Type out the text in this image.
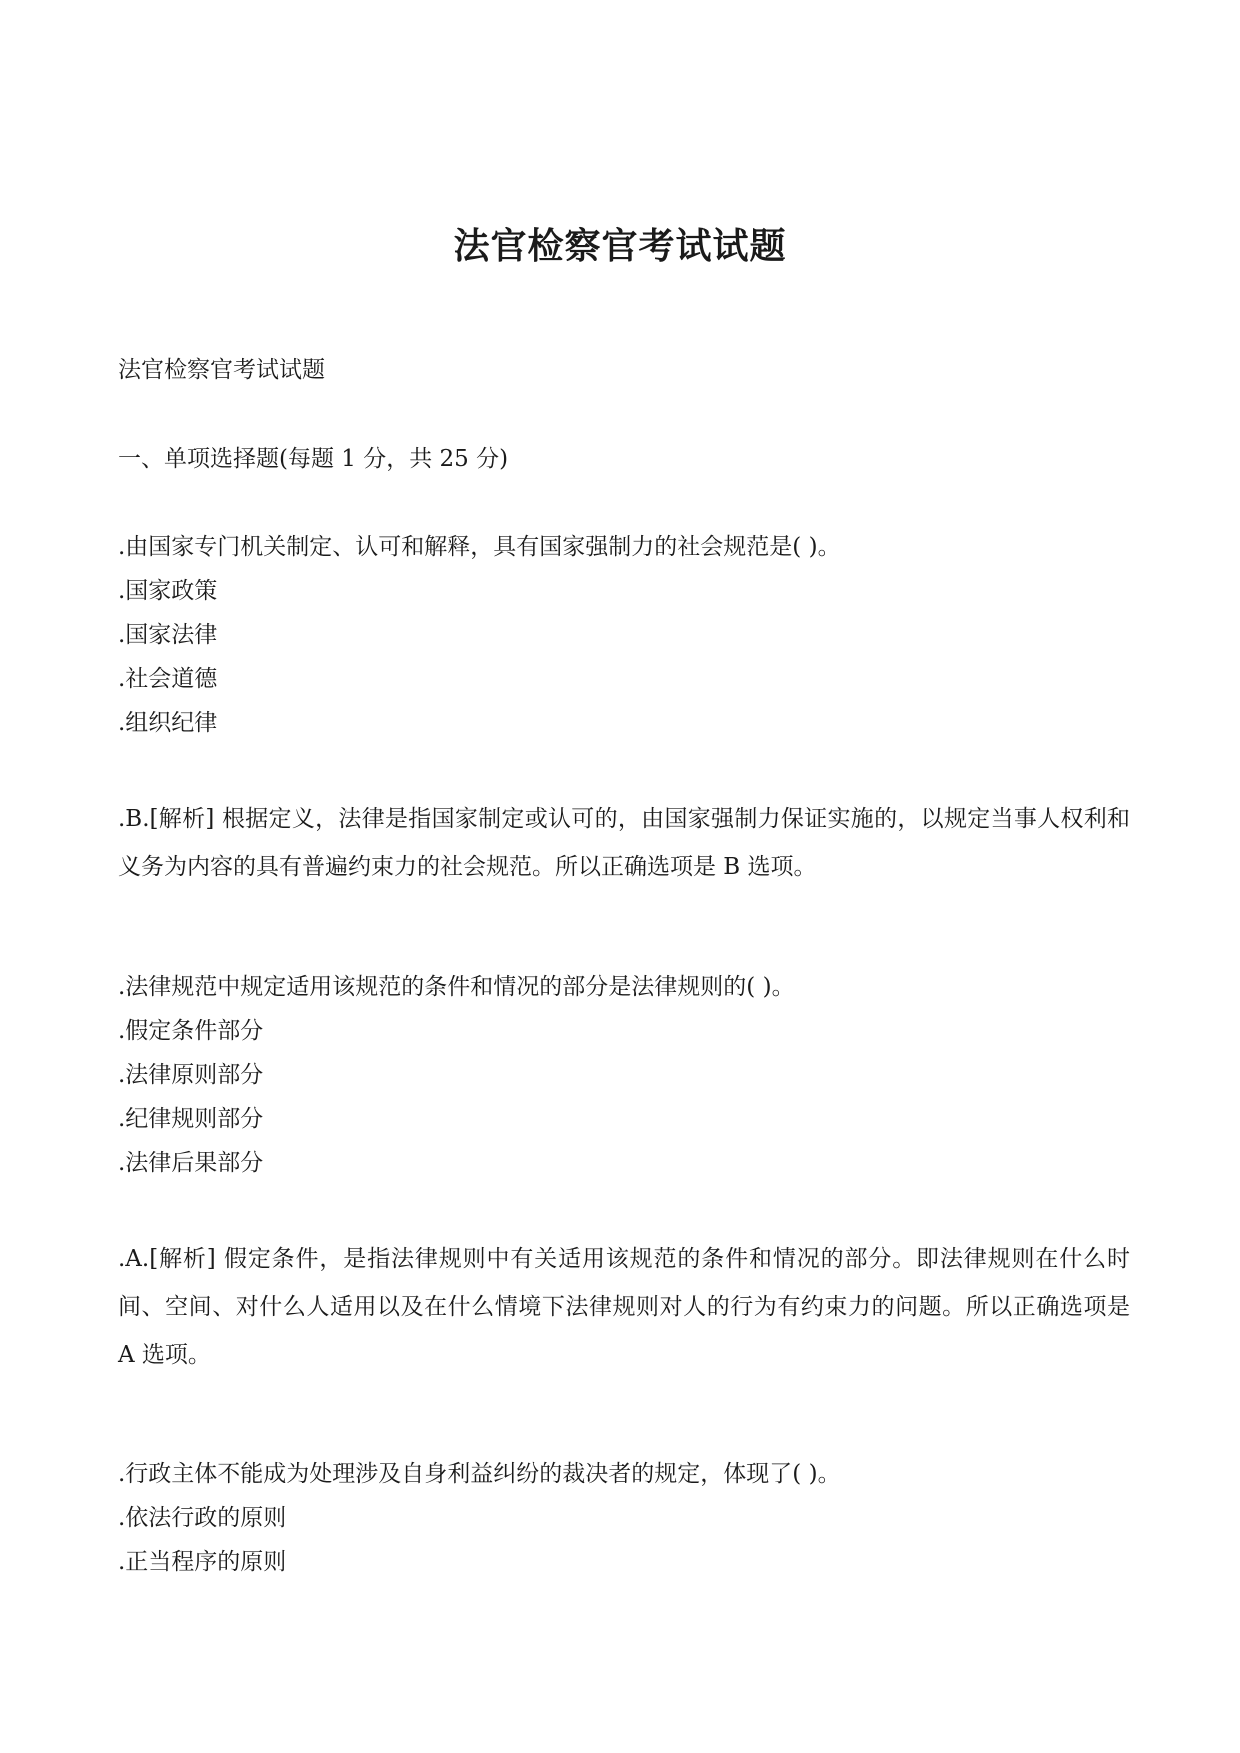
法官检察官考试试题
法官检察官考试试题
一、单项选择题(每题 1 分，共 25 分)
.由国家专门机关制定、认可和解释，具有国家强制力的社会规范是( )。
.国家政策
.国家法律
.社会道德
.组织纪律
.B.[解析] 根据定义，法律是指国家制定或认可的，由国家强制力保证实施的，以规定当事人权利和义务为内容的具有普遍约束力的社会规范。所以正确选项是 B 选项。
.法律规范中规定适用该规范的条件和情况的部分是法律规则的( )。
.假定条件部分
.法律原则部分
.纪律规则部分
.法律后果部分
.A.[解析] 假定条件，是指法律规则中有关适用该规范的条件和情况的部分。即法律规则在什么时间、空间、对什么人适用以及在什么情境下法律规则对人的行为有约束力的问题。所以正确选项是 A 选项。
.行政主体不能成为处理涉及自身利益纠纷的裁决者的规定，体现了( )。
.依法行政的原则
.正当程序的原则
